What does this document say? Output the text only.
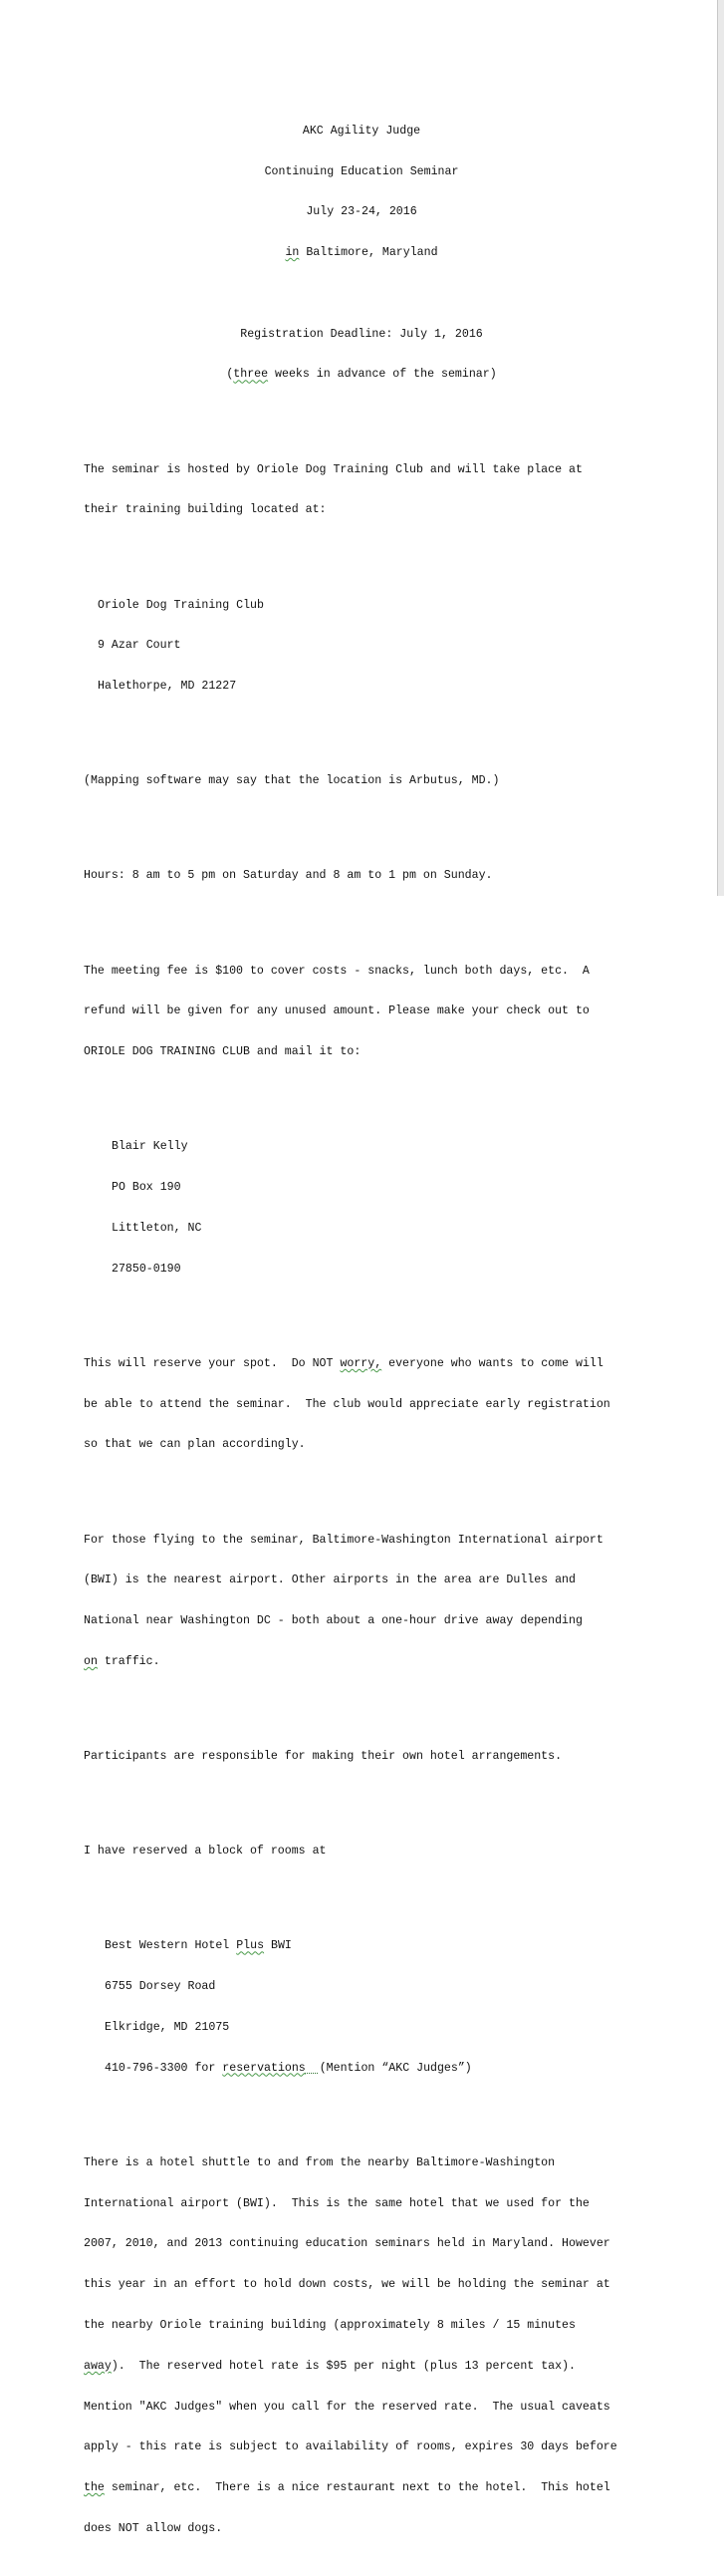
AKC Agility Judge

Continuing Education Seminar

July 23-24, 2016

in Baltimore, Maryland

Registration Deadline: July 1, 2016

(three weeks in advance of the seminar)

The seminar is hosted by Oriole Dog Training Club and will take place at

their training building located at:

Oriole Dog Training Club

9 Azar Court

Halethorpe, MD 21227

(Mapping software may say that the location is Arbutus, MD.)

Hours: 8 am to 5 pm on Saturday and 8 am to 1 pm on Sunday.

The meeting fee is $100 to cover costs - snacks, lunch both days, etc.  A

refund will be given for any unused amount. Please make your check out to

ORIOLE DOG TRAINING CLUB and mail it to:

Blair Kelly

PO Box 190

Littleton, NC

27850-0190

This will reserve your spot.  Do NOT worry, everyone who wants to come will

be able to attend the seminar.  The club would appreciate early registration

so that we can plan accordingly.

For those flying to the seminar, Baltimore-Washington International airport

(BWI) is the nearest airport. Other airports in the area are Dulles and

National near Washington DC - both about a one-hour drive away depending

on traffic.

Participants are responsible for making their own hotel arrangements.

I have reserved a block of rooms at

Best Western Hotel Plus BWI

6755 Dorsey Road

Elkridge, MD 21075

410-796-3300 for reservations (Mention “AKC Judges”)

There is a hotel shuttle to and from the nearby Baltimore-Washington

International airport (BWI).  This is the same hotel that we used for the

2007, 2010, and 2013 continuing education seminars held in Maryland. However

this year in an effort to hold down costs, we will be holding the seminar at

the nearby Oriole training building (approximately 8 miles / 15 minutes

away).  The reserved hotel rate is $95 per night (plus 13 percent tax).

Mention "AKC Judges" when you call for the reserved rate.  The usual caveats

apply - this rate is subject to availability of rooms, expires 30 days before

the seminar, etc.  There is a nice restaurant next to the hotel.  This hotel

does NOT allow dogs.
